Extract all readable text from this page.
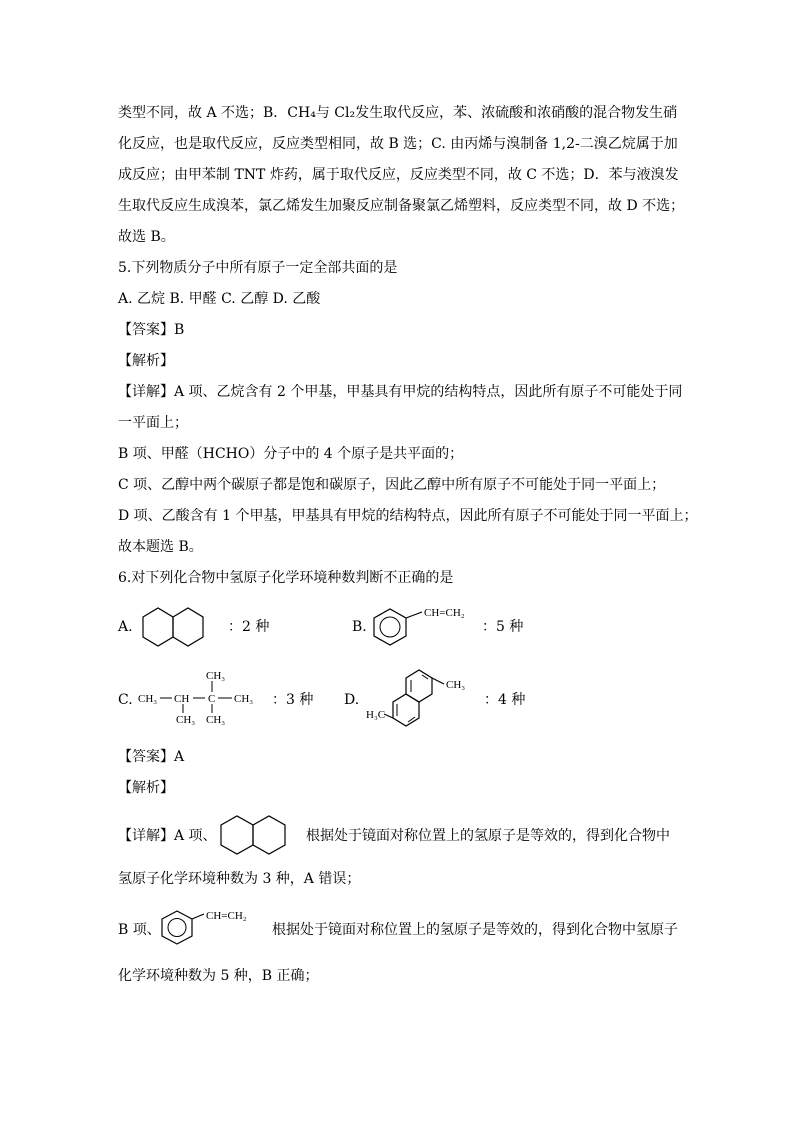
类型不同，故 A 不选；B．CH₄与 Cl₂发生取代反应，苯、浓硫酸和浓硝酸的混合物发生硝
化反应，也是取代反应，反应类型相同，故 B 选；C. 由丙烯与溴制备 1,2-二溴乙烷属于加
成反应；由甲苯制 TNT 炸药，属于取代反应，反应类型不同，故 C 不选；D．苯与液溴发
生取代反应生成溴苯，氯乙烯发生加聚反应制备聚氯乙烯塑料，反应类型不同，故 D 不选；
故选 B。
5.下列物质分子中所有原子一定全部共面的是
A. 乙烷 B. 甲醛 C. 乙醇 D. 乙酸
【答案】B
【解析】
【详解】A 项、乙烷含有 2 个甲基，甲基具有甲烷的结构特点，因此所有原子不可能处于同
一平面上；
B 项、甲醛（HCHO）分子中的 4 个原子是共平面的；
C 项、乙醇中两个碳原子都是饱和碳原子，因此乙醇中所有原子不可能处于同一平面上；
D 项、乙酸含有 1 个甲基，甲基具有甲烷的结构特点，因此所有原子不可能处于同一平面上；
故本题选 B。
6.对下列化合物中氢原子化学环境种数判断不正确的是
A.	：2 种	B.
CH=CH₂
：5 种
C. CH₃ CH C CH₃
CH₃
CH₃ CH₃
：3 种 D.
CH₃
H₃C
：4 种
【答案】A
【解析】
【详解】A 项、	根据处于镜面对称位置上的氢原子是等效的，得到化合物中
氢原子化学环境种数为 3 种，A 错误；
B 项、
CH=CH₂
根据处于镜面对称位置上的氢原子是等效的，得到化合物中氢原子
化学环境种数为 5 种，B 正确；
